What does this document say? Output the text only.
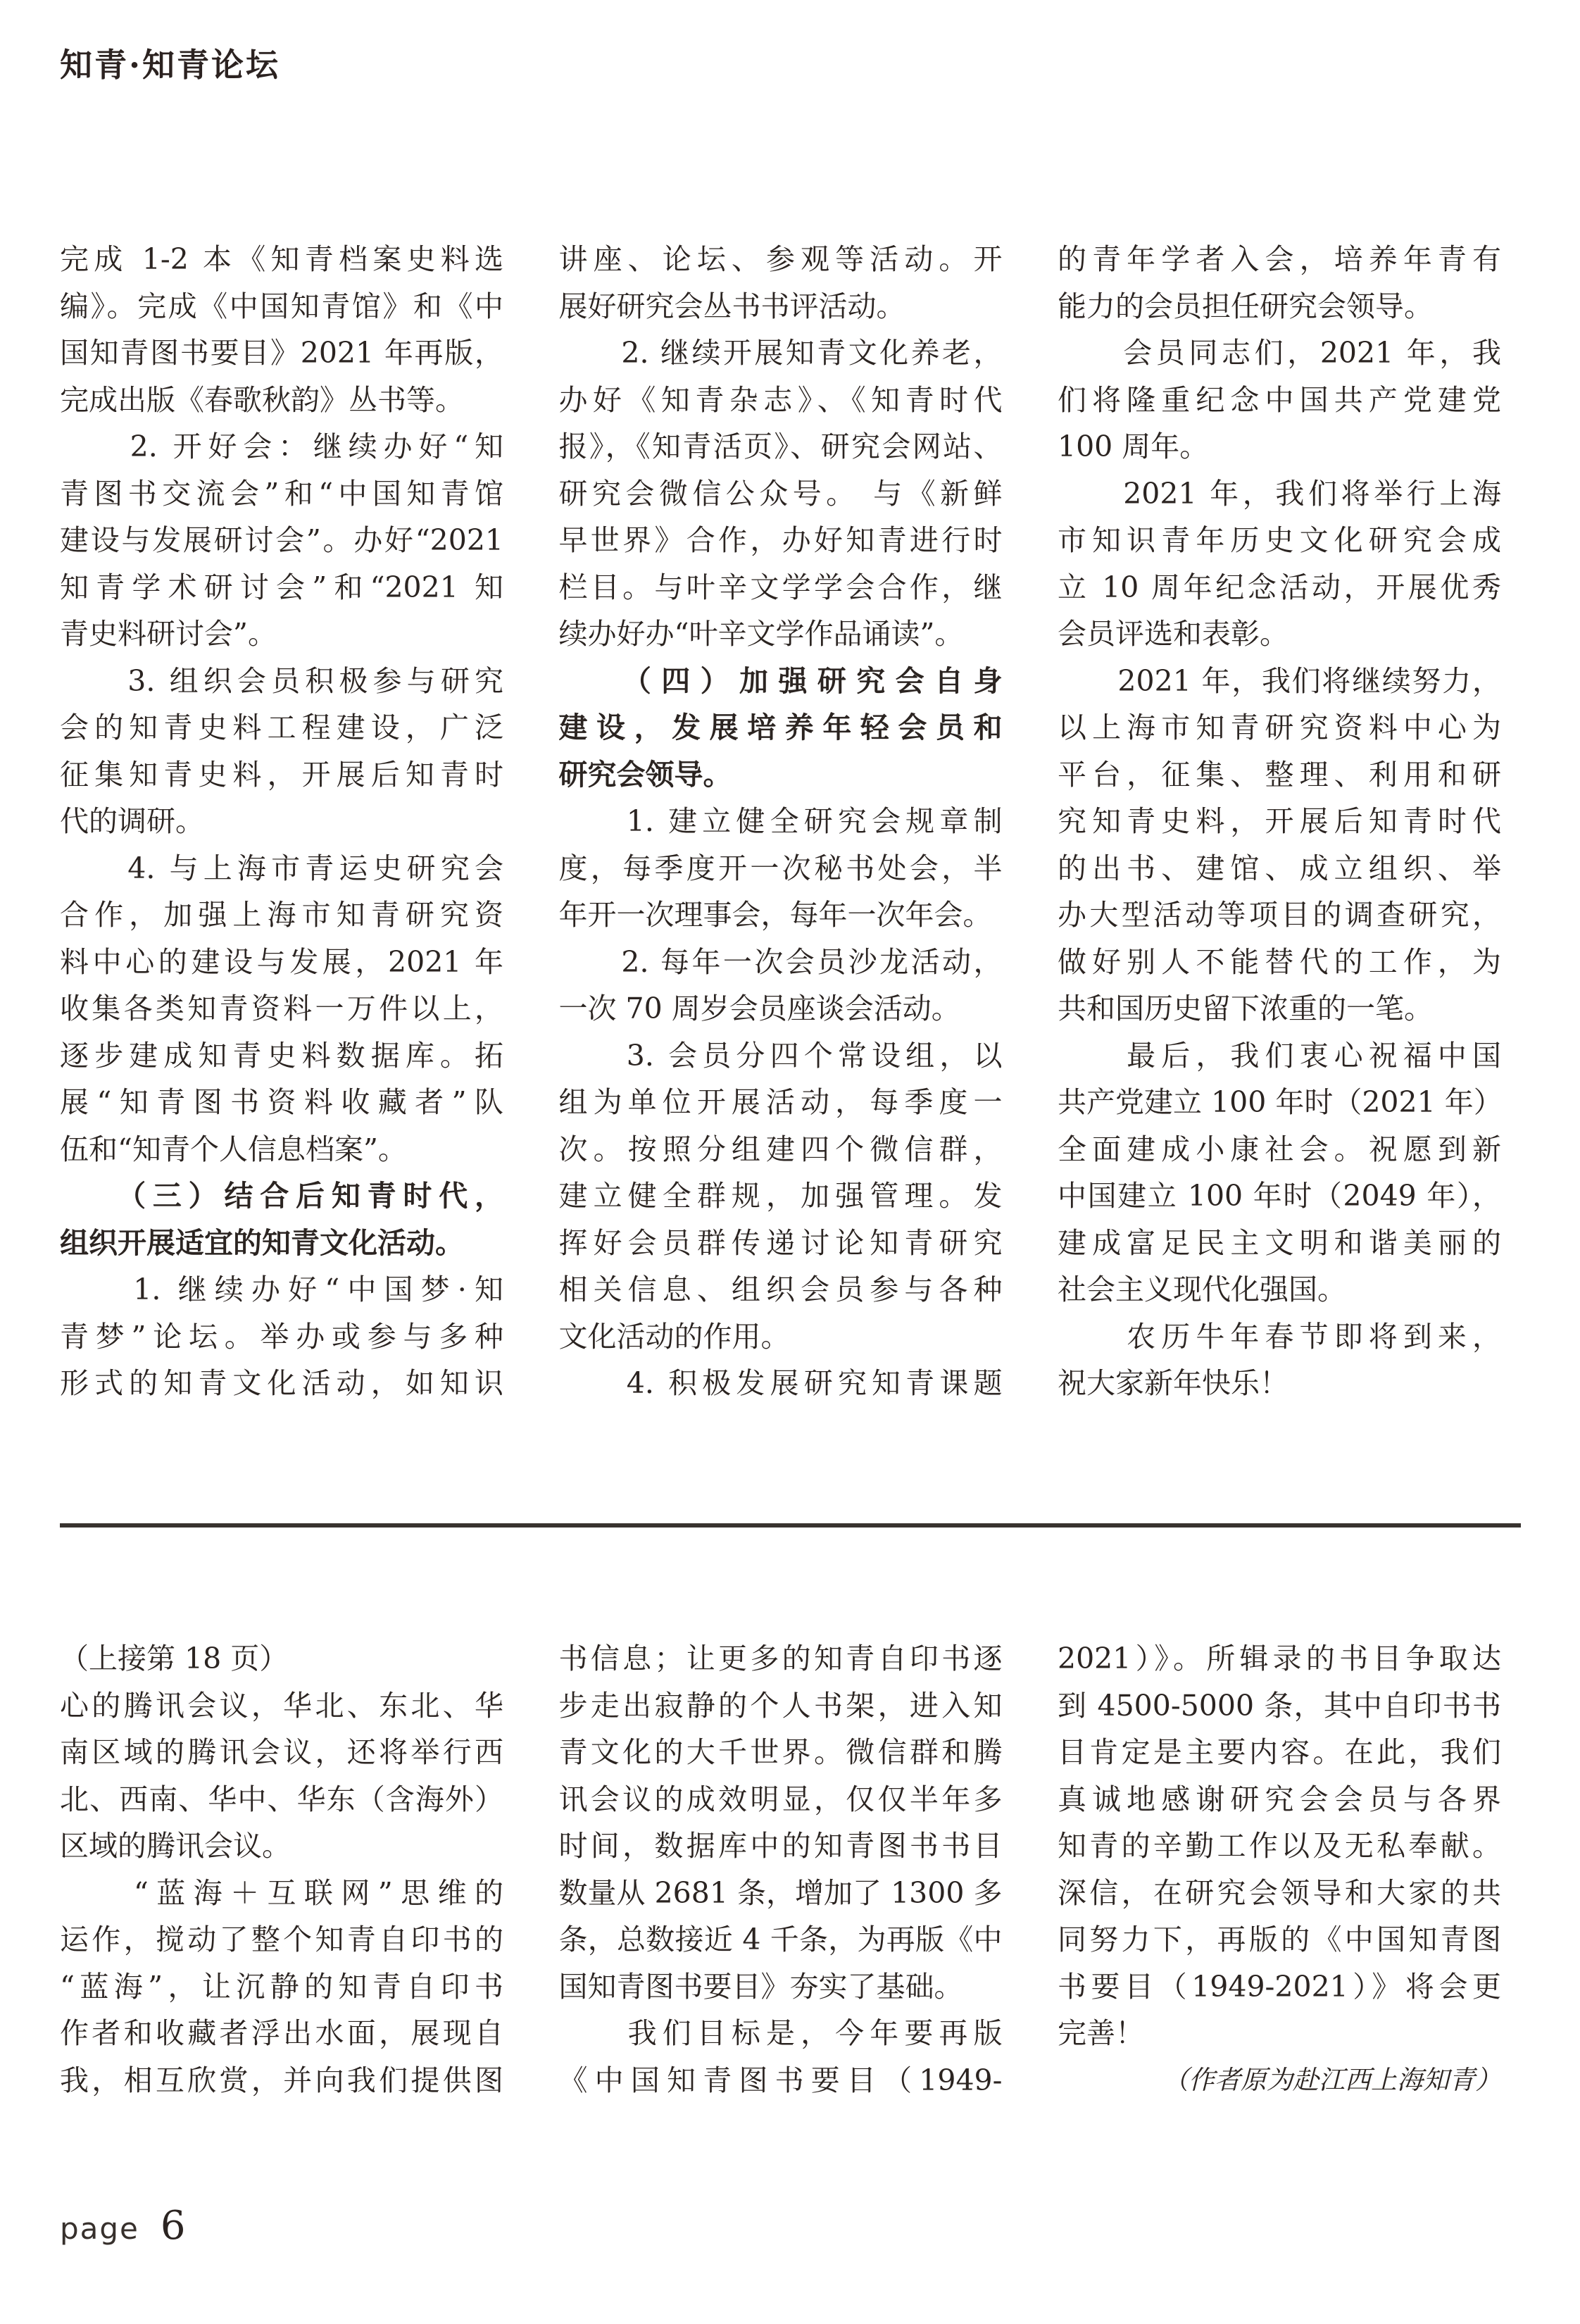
知青·知青论坛
完成 1-2 本《知青档案史料选
编》。完成《中国知青馆》和《中
国知青图书要目》2021 年再版，
完成出版《春歌秋韵》丛书等。
　　2. 开好会：继续办好“知
青图书交流会”和“中国知青馆
建设与发展研讨会”。办好“2021
知青学术研讨会”和“2021 知
青史料研讨会”。
　　3. 组织会员积极参与研究
会的知青史料工程建设，广泛
征集知青史料，开展后知青时
代的调研。
　　4. 与上海市青运史研究会
合作，加强上海市知青研究资
料中心的建设与发展，2021 年
收集各类知青资料一万件以上，
逐步建成知青史料数据库。拓
展“知青图书资料收藏者”队
伍和“知青个人信息档案”。
　　（三）结合后知青时代，
组织开展适宜的知青文化活动。
　　1. 继续办好“中国梦·知
青梦”论坛。举办或参与多种
形式的知青文化活动，如知识
讲座、论坛、参观等活动。开
展好研究会丛书书评活动。
　　2. 继续开展知青文化养老，
办好《知青杂志》、《知青时代
报》，《知青活页》、研究会网站、
研究会微信公众号。 与《新鲜
早世界》合作，办好知青进行时
栏目。与叶辛文学学会合作，继
续办好办“叶辛文学作品诵读”。
　　（四）加强研究会自身
建设，发展培养年轻会员和
研究会领导。
　　1. 建立健全研究会规章制
度，每季度开一次秘书处会，半
年开一次理事会，每年一次年会。
　　2. 每年一次会员沙龙活动，
一次 70 周岁会员座谈会活动。
　　3. 会员分四个常设组，以
组为单位开展活动，每季度一
次。按照分组建四个微信群，
建立健全群规，加强管理。发
挥好会员群传递讨论知青研究
相关信息、组织会员参与各种
文化活动的作用。
　　4. 积极发展研究知青课题
的青年学者入会，培养年青有
能力的会员担任研究会领导。
　　会员同志们，2021 年，我
们将隆重纪念中国共产党建党
100 周年。
　　2021 年，我们将举行上海
市知识青年历史文化研究会成
立 10 周年纪念活动，开展优秀
会员评选和表彰。
　　2021 年，我们将继续努力，
以上海市知青研究资料中心为
平台，征集、整理、利用和研
究知青史料，开展后知青时代
的出书、建馆、成立组织、举
办大型活动等项目的调查研究，
做好别人不能替代的工作，为
共和国历史留下浓重的一笔。
　　最后，我们衷心祝福中国
共产党建立 100 年时（2021 年）
全面建成小康社会。祝愿到新
中国建立 100 年时（2049 年），
建成富足民主文明和谐美丽的
社会主义现代化强国。
　　农历牛年春节即将到来，
祝大家新年快乐！
（上接第 18 页）
心的腾讯会议，华北、东北、华
南区域的腾讯会议，还将举行西
北、西南、华中、华东（含海外）
区域的腾讯会议。
　　“蓝海＋互联网”思维的
运作，搅动了整个知青自印书的
“蓝海”，让沉静的知青自印书
作者和收藏者浮出水面，展现自
我，相互欣赏，并向我们提供图
书信息；让更多的知青自印书逐
步走出寂静的个人书架，进入知
青文化的大千世界。微信群和腾
讯会议的成效明显，仅仅半年多
时间，数据库中的知青图书书目
数量从 2681 条，增加了 1300 多
条，总数接近 4 千条，为再版《中
国知青图书要目》夯实了基础。
　　我们目标是，今年要再版
《中国知青图书要目（1949-
2021）》。所辑录的书目争取达
到 4500-5000 条，其中自印书书
目肯定是主要内容。在此，我们
真诚地感谢研究会会员与各界
知青的辛勤工作以及无私奉献。
深信，在研究会领导和大家的共
同努力下，再版的《中国知青图
书要目（1949-2021）》将会更
完善！
（作者原为赴江西上海知青）
page 6
